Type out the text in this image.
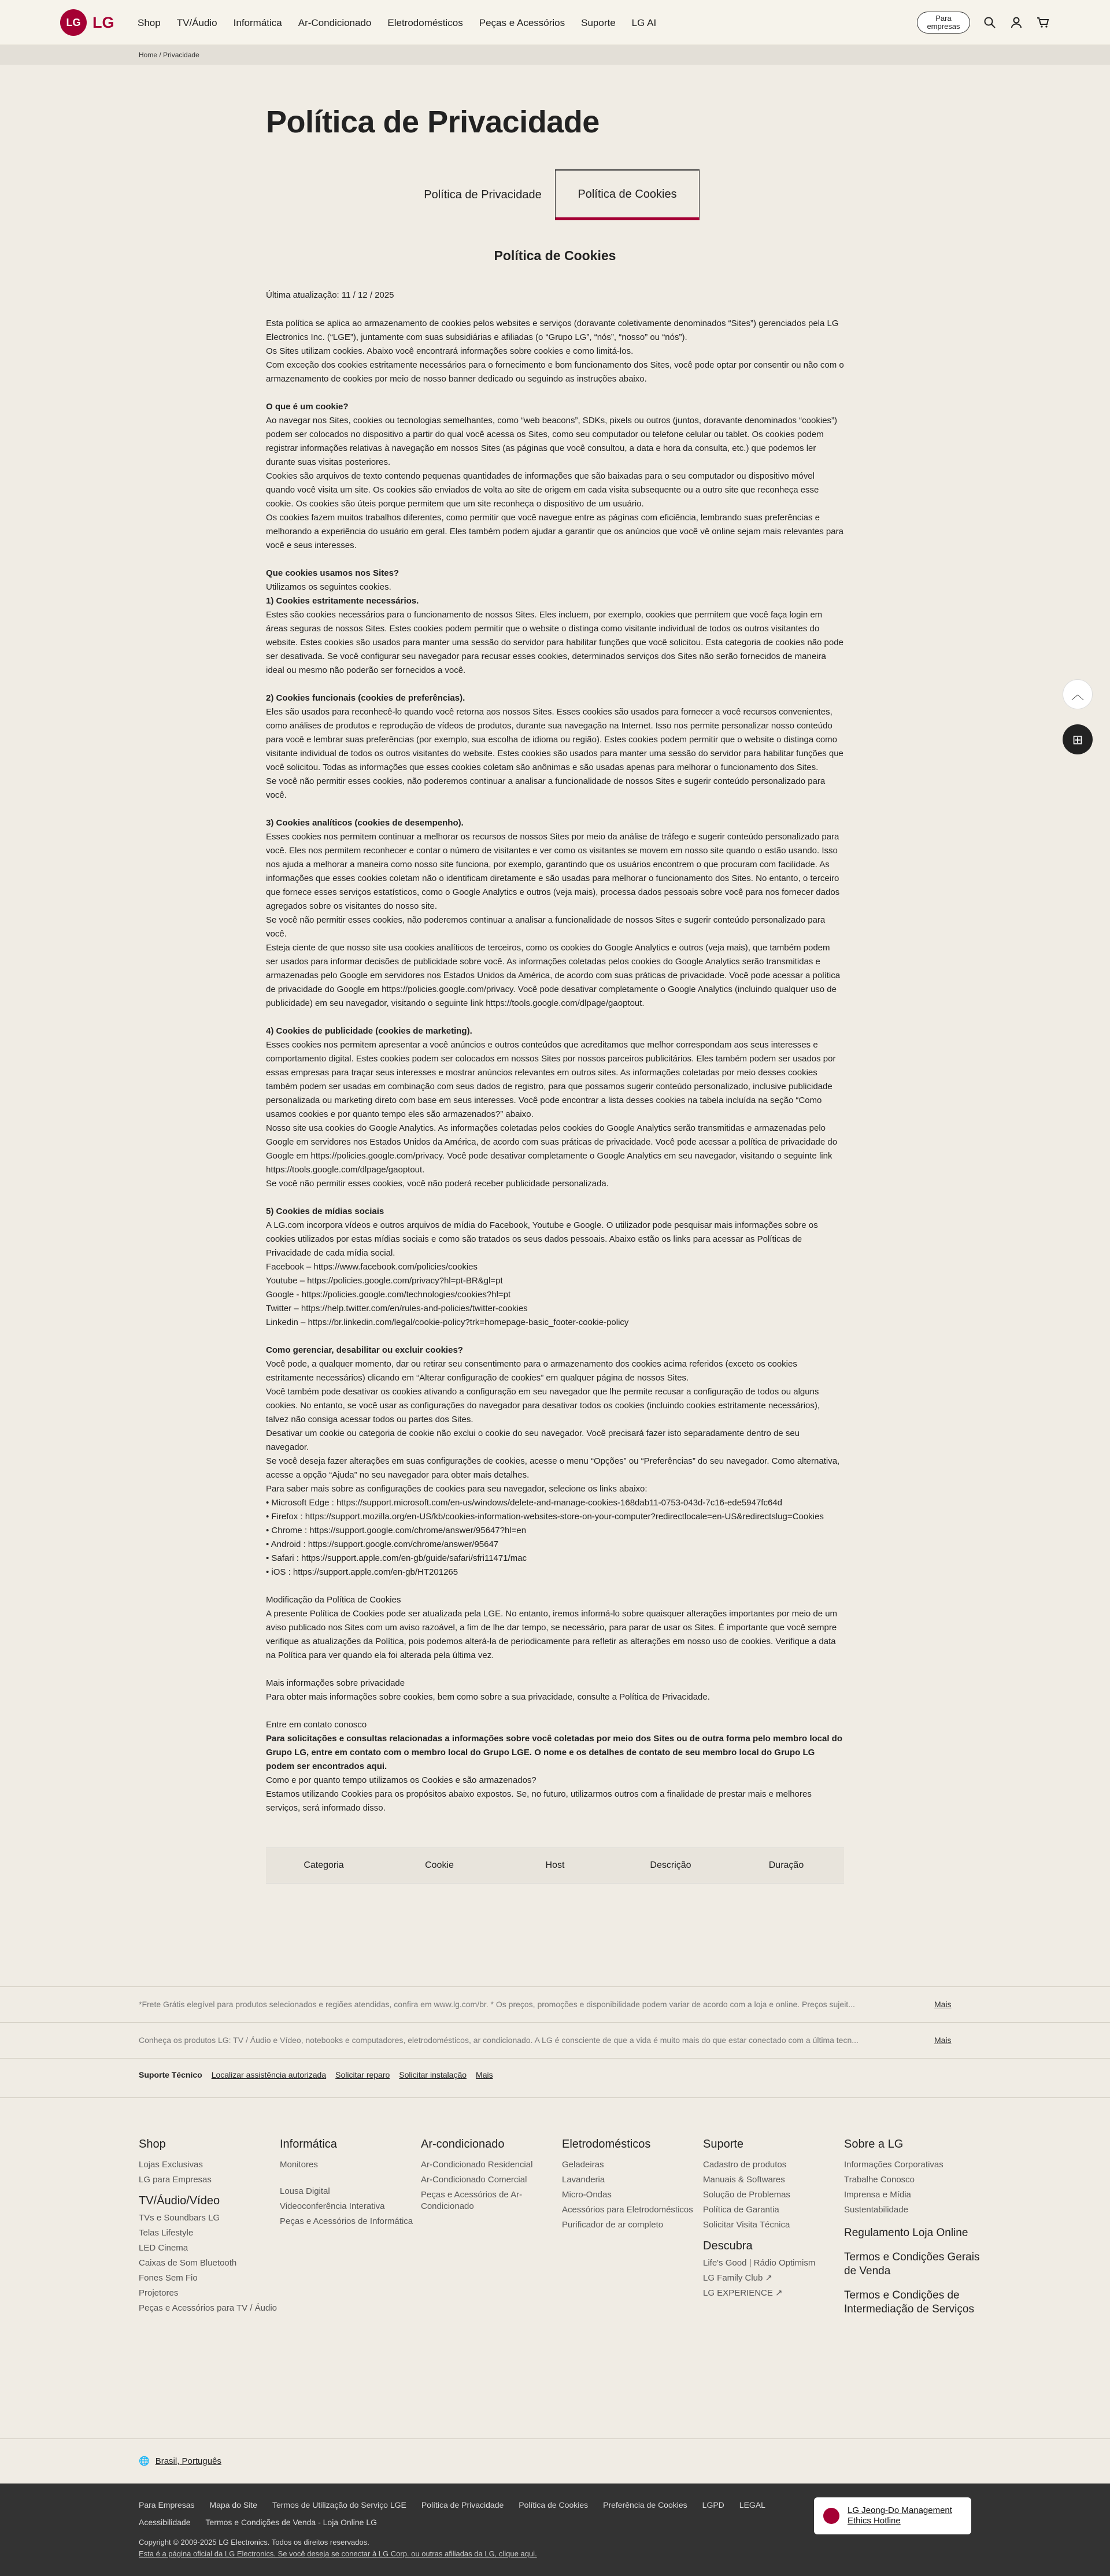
LG LG Shop TV/Áudio Informática Ar-Condicionado Eletrodomésticos Peças e Acessórios Suporte LG AI	Para empresas
Home / Privacidade
Política de Privacidade
Política de Privacidade	Política de Cookies
Política de Cookies
Última atualização: 11 / 12 / 2025

Esta política se aplica ao armazenamento de cookies pelos websites e serviços (doravante coletivamente denominados “Sites”) gerenciados pela LG Electronics Inc. (“LGE”), juntamente com suas subsidiárias e afiliadas (o “Grupo LG”, “nós”, “nosso” ou “nós”).

Os Sites utilizam cookies. Abaixo você encontrará informações sobre cookies e como limitá-los.

Com exceção dos cookies estritamente necessários para o fornecimento e bom funcionamento dos Sites, você pode optar por consentir ou não com o armazenamento de cookies por meio de nosso banner dedicado ou seguindo as instruções abaixo.

O que é um cookie?

Ao navegar nos Sites, cookies ou tecnologias semelhantes, como “web beacons”, SDKs, pixels ou outros (juntos, doravante denominados “cookies”) podem ser colocados no dispositivo a partir do qual você acessa os Sites, como seu computador ou telefone celular ou tablet. Os cookies podem registrar informações relativas à navegação em nossos Sites (as páginas que você consultou, a data e hora da consulta, etc.) que podemos ler durante suas visitas posteriores.

Cookies são arquivos de texto contendo pequenas quantidades de informações que são baixadas para o seu computador ou dispositivo móvel quando você visita um site. Os cookies são enviados de volta ao site de origem em cada visita subsequente ou a outro site que reconheça esse cookie. Os cookies são úteis porque permitem que um site reconheça o dispositivo de um usuário.

Os cookies fazem muitos trabalhos diferentes, como permitir que você navegue entre as páginas com eficiência, lembrando suas preferências e melhorando a experiência do usuário em geral. Eles também podem ajudar a garantir que os anúncios que você vê online sejam mais relevantes para você e seus interesses.

Que cookies usamos nos Sites?

Utilizamos os seguintes cookies.

1) Cookies estritamente necessários.

Estes são cookies necessários para o funcionamento de nossos Sites. Eles incluem, por exemplo, cookies que permitem que você faça login em áreas seguras de nossos Sites. Estes cookies podem permitir que o website o distinga como visitante individual de todos os outros visitantes do website. Estes cookies são usados para manter uma sessão do servidor para habilitar funções que você solicitou. Esta categoria de cookies não pode ser desativada. Se você configurar seu navegador para recusar esses cookies, determinados serviços dos Sites não serão fornecidos de maneira ideal ou mesmo não poderão ser fornecidos a você.

2) Cookies funcionais (cookies de preferências).

Eles são usados para reconhecê-lo quando você retorna aos nossos Sites. Esses cookies são usados para fornecer a você recursos convenientes, como análises de produtos e reprodução de vídeos de produtos, durante sua navegação na Internet. Isso nos permite personalizar nosso conteúdo para você e lembrar suas preferências (por exemplo, sua escolha de idioma ou região). Estes cookies podem permitir que o website o distinga como visitante individual de todos os outros visitantes do website. Estes cookies são usados para manter uma sessão do servidor para habilitar funções que você solicitou. Todas as informações que esses cookies coletam são anônimas e são usadas apenas para melhorar o funcionamento dos Sites.

Se você não permitir esses cookies, não poderemos continuar a analisar a funcionalidade de nossos Sites e sugerir conteúdo personalizado para você.

3) Cookies analíticos (cookies de desempenho).

Esses cookies nos permitem continuar a melhorar os recursos de nossos Sites por meio da análise de tráfego e sugerir conteúdo personalizado para você. Eles nos permitem reconhecer e contar o número de visitantes e ver como os visitantes se movem em nosso site quando o estão usando. Isso nos ajuda a melhorar a maneira como nosso site funciona, por exemplo, garantindo que os usuários encontrem o que procuram com facilidade. As informações que esses cookies coletam não o identificam diretamente e são usadas para melhorar o funcionamento dos Sites. No entanto, o terceiro que fornece esses serviços estatísticos, como o Google Analytics e outros (veja mais), processa dados pessoais sobre você para nos fornecer dados agregados sobre os visitantes do nosso site.

Se você não permitir esses cookies, não poderemos continuar a analisar a funcionalidade de nossos Sites e sugerir conteúdo personalizado para você.

Esteja ciente de que nosso site usa cookies analíticos de terceiros, como os cookies do Google Analytics e outros (veja mais), que também podem ser usados para informar decisões de publicidade sobre você. As informações coletadas pelos cookies do Google Analytics serão transmitidas e armazenadas pelo Google em servidores nos Estados Unidos da América, de acordo com suas práticas de privacidade. Você pode acessar a política de privacidade do Google em https://policies.google.com/privacy. Você pode desativar completamente o Google Analytics (incluindo qualquer uso de publicidade) em seu navegador, visitando o seguinte link https://tools.google.com/dlpage/gaoptout.

4) Cookies de publicidade (cookies de marketing).

Esses cookies nos permitem apresentar a você anúncios e outros conteúdos que acreditamos que melhor correspondam aos seus interesses e comportamento digital. Estes cookies podem ser colocados em nossos Sites por nossos parceiros publicitários. Eles também podem ser usados por essas empresas para traçar seus interesses e mostrar anúncios relevantes em outros sites. As informações coletadas por meio desses cookies também podem ser usadas em combinação com seus dados de registro, para que possamos sugerir conteúdo personalizado, inclusive publicidade personalizada ou marketing direto com base em seus interesses. Você pode encontrar a lista desses cookies na tabela incluída na seção “Como usamos cookies e por quanto tempo eles são armazenados?” abaixo.

Nosso site usa cookies do Google Analytics. As informações coletadas pelos cookies do Google Analytics serão transmitidas e armazenadas pelo Google em servidores nos Estados Unidos da América, de acordo com suas práticas de privacidade. Você pode acessar a política de privacidade do Google em https://policies.google.com/privacy. Você pode desativar completamente o Google Analytics em seu navegador, visitando o seguinte link https://tools.google.com/dlpage/gaoptout.

Se você não permitir esses cookies, você não poderá receber publicidade personalizada.

5) Cookies de mídias sociais

A LG.com incorpora vídeos e outros arquivos de mídia do Facebook, Youtube e Google. O utilizador pode pesquisar mais informações sobre os cookies utilizados por estas mídias sociais e como são tratados os seus dados pessoais. Abaixo estão os links para acessar as Políticas de Privacidade de cada mídia social.

Facebook – https://www.facebook.com/policies/cookies

Youtube – https://policies.google.com/privacy?hl=pt-BR&gl=pt

Google - https://policies.google.com/technologies/cookies?hl=pt

Twitter – https://help.twitter.com/en/rules-and-policies/twitter-cookies

Linkedin – https://br.linkedin.com/legal/cookie-policy?trk=homepage-basic_footer-cookie-policy

Como gerenciar, desabilitar ou excluir cookies?

Você pode, a qualquer momento, dar ou retirar seu consentimento para o armazenamento dos cookies acima referidos (exceto os cookies estritamente necessários) clicando em “Alterar configuração de cookies” em qualquer página de nossos Sites.

Você também pode desativar os cookies ativando a configuração em seu navegador que lhe permite recusar a configuração de todos ou alguns cookies. No entanto, se você usar as configurações do navegador para desativar todos os cookies (incluindo cookies estritamente necessários), talvez não consiga acessar todos ou partes dos Sites.

Desativar um cookie ou categoria de cookie não exclui o cookie do seu navegador. Você precisará fazer isto separadamente dentro de seu navegador.

Se você deseja fazer alterações em suas configurações de cookies, acesse o menu “Opções” ou “Preferências” do seu navegador. Como alternativa, acesse a opção “Ajuda” no seu navegador para obter mais detalhes.

Para saber mais sobre as configurações de cookies para seu navegador, selecione os links abaixo:

• Microsoft Edge : https://support.microsoft.com/en-us/windows/delete-and-manage-cookies-168dab11-0753-043d-7c16-ede5947fc64d

• Firefox : https://support.mozilla.org/en-US/kb/cookies-information-websites-store-on-your-computer?redirectlocale=en-US&redirectslug=Cookies

• Chrome : https://support.google.com/chrome/answer/95647?hl=en

• Android : https://support.google.com/chrome/answer/95647

• Safari : https://support.apple.com/en-gb/guide/safari/sfri11471/mac

• iOS : https://support.apple.com/en-gb/HT201265

Modificação da Política de Cookies

A presente Política de Cookies pode ser atualizada pela LGE. No entanto, iremos informá-lo sobre quaisquer alterações importantes por meio de um aviso publicado nos Sites com um aviso razoável, a fim de lhe dar tempo, se necessário, para parar de usar os Sites. É importante que você sempre verifique as atualizações da Política, pois podemos alterá-la de periodicamente para refletir as alterações em nosso uso de cookies. Verifique a data na Política para ver quando ela foi alterada pela última vez.

Mais informações sobre privacidade

Para obter mais informações sobre cookies, bem como sobre a sua privacidade, consulte a Política de Privacidade.

Entre em contato conosco

Para solicitações e consultas relacionadas a informações sobre você coletadas por meio dos Sites ou de outra forma pelo membro local do Grupo LG, entre em contato com o membro local do Grupo LGE. O nome e os detalhes de contato de seu membro local do Grupo LG podem ser encontrados aqui.

Como e por quanto tempo utilizamos os Cookies e são armazenados?

Estamos utilizando Cookies para os propósitos abaixo expostos. Se, no futuro, utilizarmos outros com a finalidade de prestar mais e melhores serviços, será informado disso.

Categoria	Cookie	Host	Descrição	Duração
︿
⊞
*Frete Grátis elegível para produtos selecionados e regiões atendidas, confira em www.lg.com/br. * Os preços, promoções e disponibilidade podem variar de acordo com a loja e online. Preços sujeit...	Mais
Conheça os produtos LG: TV / Áudio e Vídeo, notebooks e computadores, eletrodomésticos, ar condicionado. A LG é consciente de que a vida é muito mais do que estar conectado com a última tecn...	Mais
Suporte Técnico Localizar assistência autorizada Solicitar reparo Solicitar instalação Mais
Shop

Lojas Exclusivas

LG para Empresas

TV/Áudio/Vídeo

TVs e Soundbars LG

Telas Lifestyle

LED Cinema

Caixas de Som Bluetooth

Fones Sem Fio

Projetores

Peças e Acessórios para TV / Áudio

Informática

Monitores

Lousa Digital

Videoconferência Interativa

Peças e Acessórios de Informática

Ar-condicionado

Ar-Condicionado Residencial

Ar-Condicionado Comercial

Peças e Acessórios de Ar-Condicionado

Eletrodomésticos

Geladeiras

Lavanderia

Micro-Ondas

Acessórios para Eletrodomésticos

Purificador de ar completo

Suporte

Cadastro de produtos

Manuais & Softwares

Solução de Problemas

Política de Garantia

Solicitar Visita Técnica

Descubra

Life's Good | Rádio Optimism

LG Family Club ↗

LG EXPERIENCE ↗

Sobre a LG

Informações Corporativas

Trabalhe Conosco

Imprensa e Mídia

Sustentabilidade

Regulamento Loja Online

Termos e Condições Gerais de Venda

Termos e Condições de Intermediação de Serviços

🌐 Brasil, Português
Para Empresas Mapa do Site Termos de Utilização do Serviço LGE Política de Privacidade Política de Cookies Preferência de Cookies LGPD LEGAL
Acessibilidade Termos e Condições de Venda - Loja Online LG
Copyright © 2009-2025 LG Electronics. Todos os direitos reservados.
Esta é a página oficial da LG Electronics. Se você deseja se conectar à LG Corp. ou outras afiliadas da LG, clique aqui.
LG Jeong-Do Management Ethics Hotline
